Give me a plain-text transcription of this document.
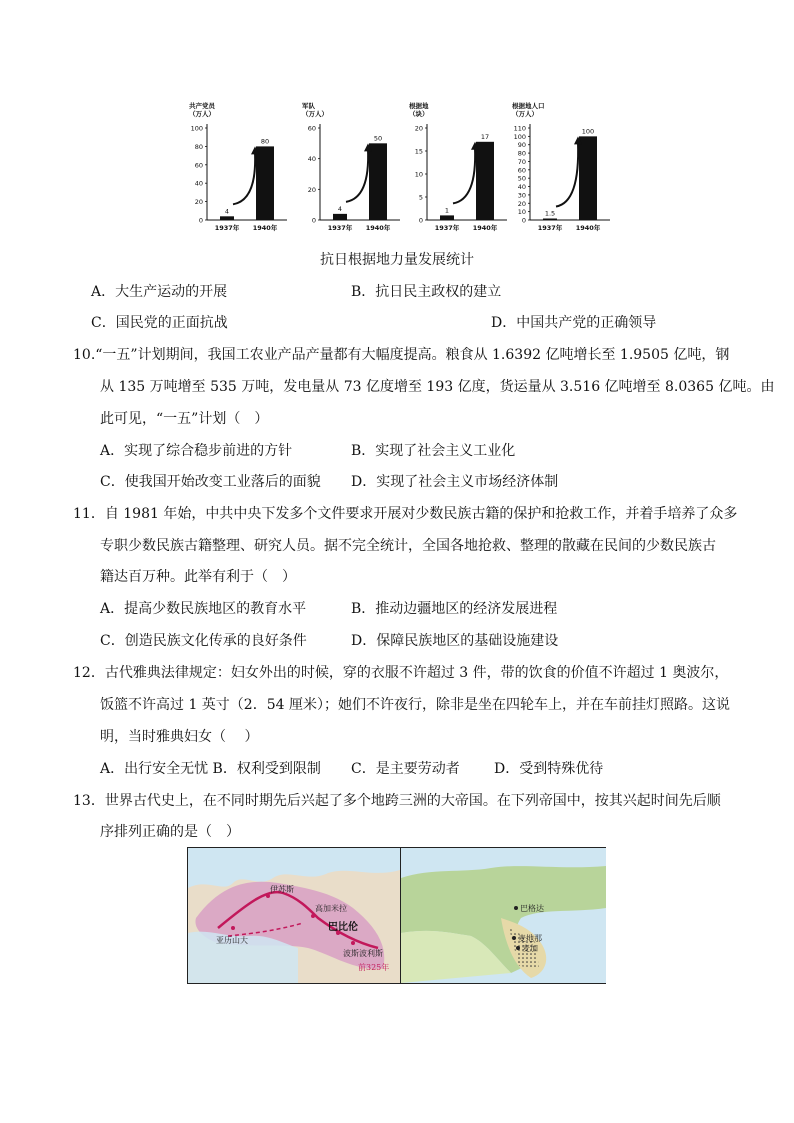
共产党员
（万人）
100
80
60
40
20
0
4
1937年
80
1940年
军队
（万人）
60
40
20
0
4
1937年
50
1940年
根据地
（块）
20
15
10
5
0
1
1937年
17
1940年
根据地人口
（万人）
110
100
90
80
70
60
50
40
30
20
10
0
1.5
1937年
100
1940年
抗日根据地力量发展统计
A．大生产运动的开展	B．抗日民主政权的建立
C．国民党的正面抗战	D．中国共产党的正确领导
10.“一五”计划期间，我国工农业产品产量都有大幅度提高。粮食从 1.6392 亿吨增长至 1.9505 亿吨，钢
从 135 万吨增至 535 万吨，发电量从 73 亿度增至 193 亿度，货运量从 3.516 亿吨增至 8.0365 亿吨。由
此可见，“一五”计划（　）
A．实现了综合稳步前进的方针	B．实现了社会主义工业化
C．使我国开始改变工业落后的面貌 D．实现了社会主义市场经济体制
11．自 1981 年始，中共中央下发多个文件要求开展对少数民族古籍的保护和抢救工作，并着手培养了众多
专职少数民族古籍整理、研究人员。据不完全统计，全国各地抢救、整理的散藏在民间的少数民族古
籍达百万种。此举有利于（　）
A．提高少数民族地区的教育水平	B．推动边疆地区的经济发展进程
C．创造民族文化传承的良好条件	D．保障民族地区的基础设施建设
12．古代雅典法律规定：妇女外出的时候，穿的衣服不许超过 3 件，带的饮食的价值不许超过 1 奥波尔，
饭篮不许高过 1 英寸（2．54 厘米）；她们不许夜行，除非是坐在四轮车上，并在车前挂灯照路。这说
明，当时雅典妇女（　 ）
A．出行安全无忧 B．权利受到限制 C．是主要劳动者 D．受到特殊优待
13．世界古代史上，在不同时期先后兴起了多个地跨三洲的大帝国。在下列帝国中，按其兴起时间先后顺
序排列正确的是（　）
伊苏斯
高加米拉
巴比伦
波斯波利斯
亚历山大
前325年
巴格达
麦地那
麦加
